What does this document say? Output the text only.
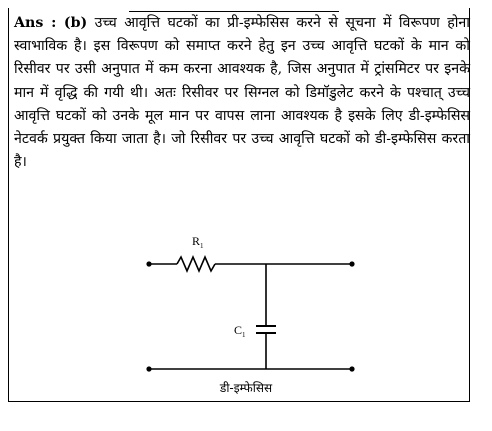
Ans : (b) उच्च आवृत्ति घटकों का प्री-इम्फेसिस करने से सूचना में विरूपण होना स्वाभाविक है। इस विरूपण को समाप्त करने हेतु इन उच्च आवृत्ति घटकों के मान को रिसीवर पर उसी अनुपात में कम करना आवश्यक है, जिस अनुपात में ट्रांसमिटर पर इनके मान में वृद्धि की गयी थी। अतः रिसीवर पर सिग्नल को डिमॉडुलेट करने के पश्चात् उच्च आवृत्ति घटकों को उनके मूल मान पर वापस लाना आवश्यक है इसके लिए डी-इम्फेसिस नेटवर्क प्रयुक्त किया जाता है। जो रिसीवर पर उच्च आवृत्ति घटकों को डी-इम्फेसिस करता है।

$R_1$
$C_1$
डी-इम्फेसिस
